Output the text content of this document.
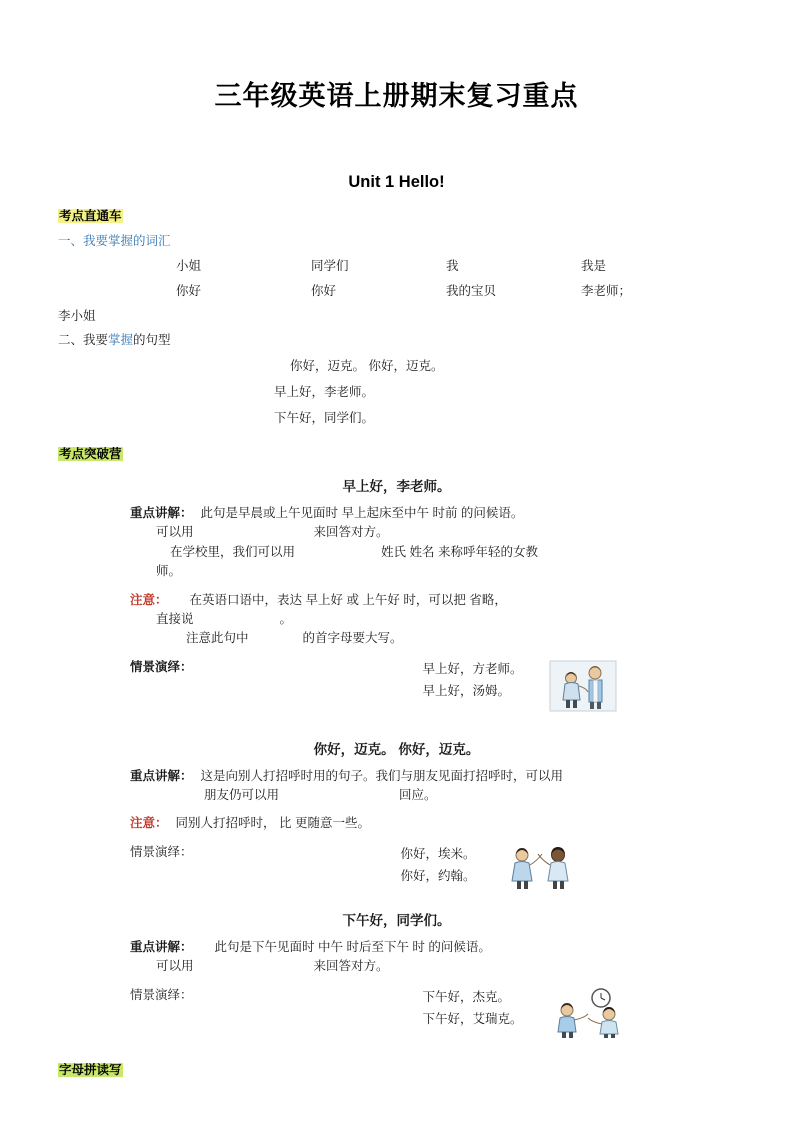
三年级英语上册期末复习重点
Unit 1 Hello!
考点直通车
一、我要掌握的词汇
小姐	同学们	我	我是
你好	你好	我的宝贝	李老师；
李小姐
二、我要掌握的句型
你好，迈克。 你好，迈克。
早上好，李老师。
下午好，同学们。
考点突破营
早上好，李老师。
重点讲解： 此句是早晨或上午见面时 早上起床至中午 时前 的问候语。
可以用	来回答对方。
在学校里，我们可以用	姓氏 姓名 来称呼年轻的女教
师。
注意：	在英语口语中，表达 早上好 或 上午好 时，可以把 省略，
直接说	。
注意此句中	的首字母要大写。
情景演绎：	早上好，方老师。
早上好，汤姆。
你好，迈克。 你好，迈克。
重点讲解： 这是向别人打招呼时用的句子。我们与朋友见面打招呼时，可以用
朋友仍可以用	回应。
注意： 同别人打招呼时， 比 更随意一些。
情景演绎：	你好，埃米。
你好，约翰。
下午好，同学们。
重点讲解：	此句是下午见面时 中午 时后至下午 时 的问候语。
可以用	来回答对方。
情景演绎：	下午好，杰克。
下午好，艾瑞克。
字母拼读写
